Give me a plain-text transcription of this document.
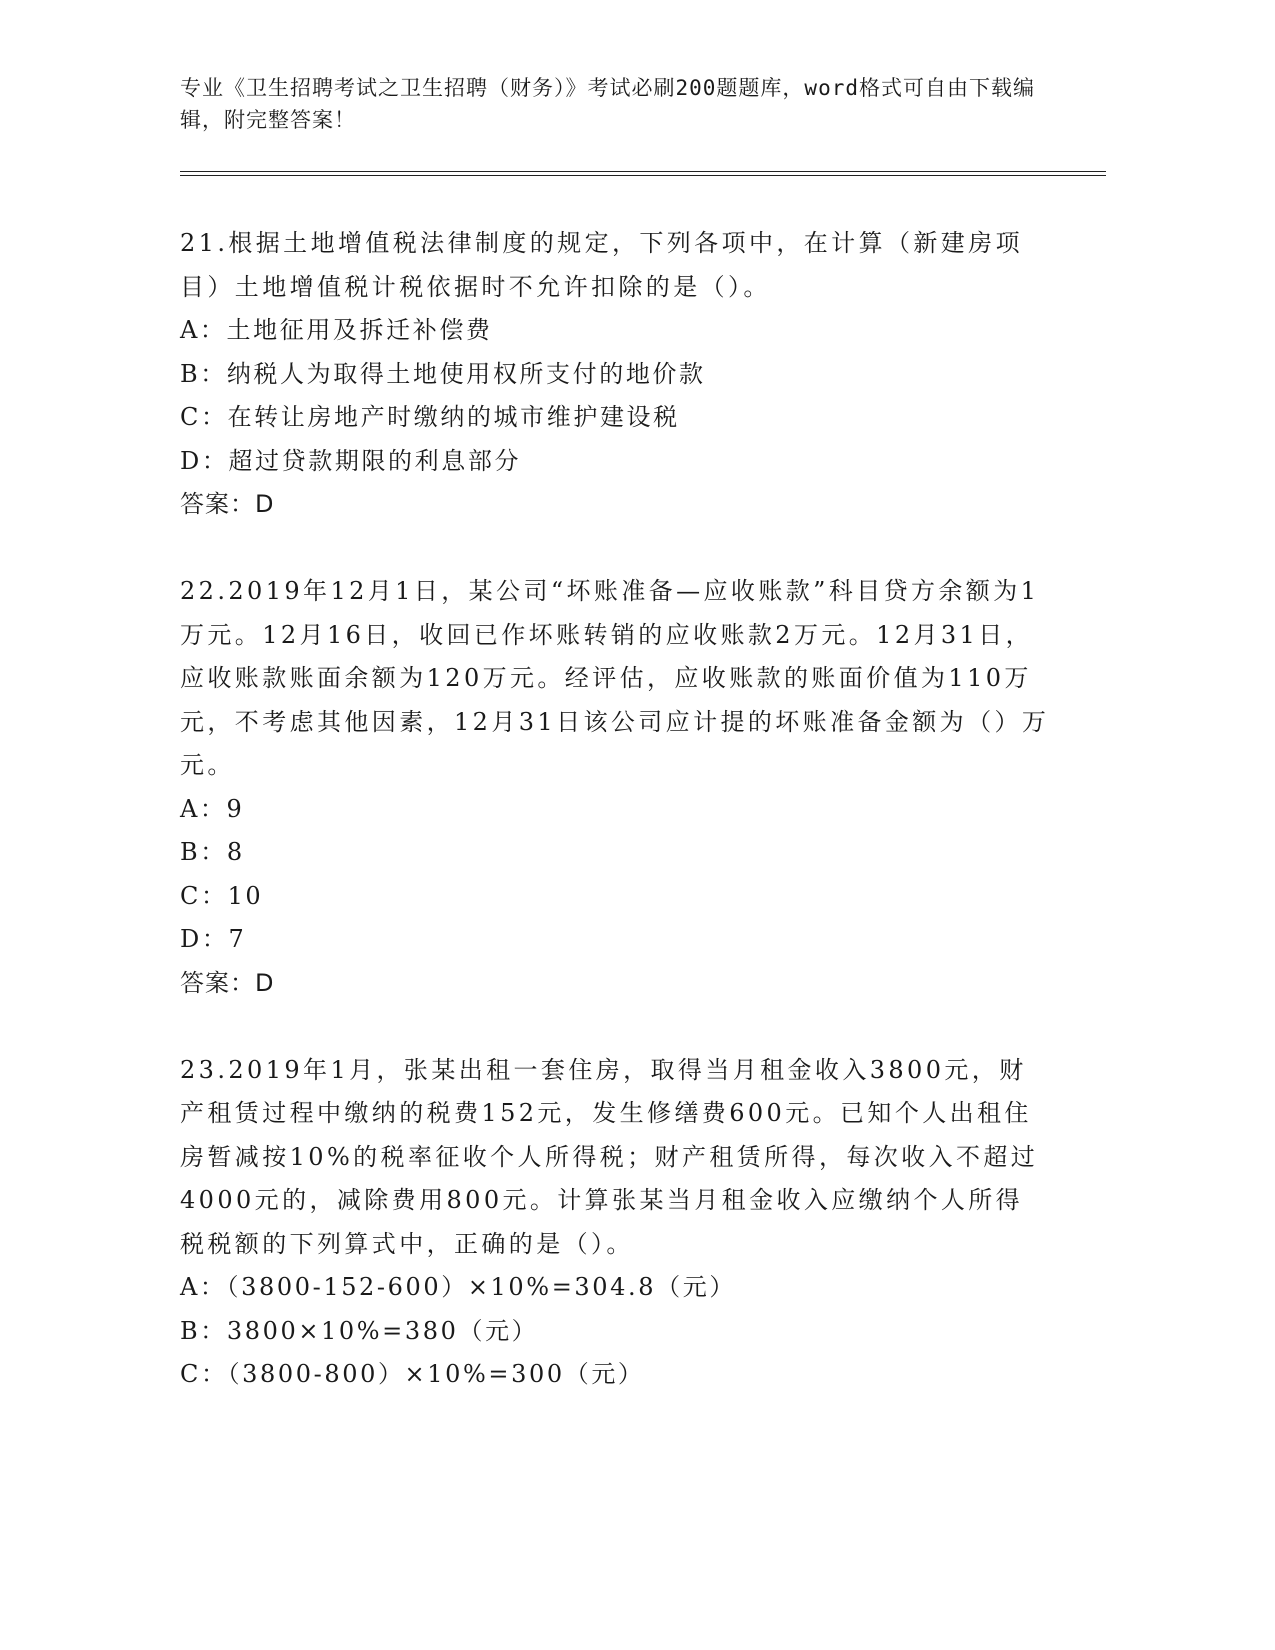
专业《卫生招聘考试之卫生招聘（财务）》考试必刷200题题库，word格式可自由下载编辑，附完整答案！
21.根据土地增值税法律制度的规定，下列各项中，在计算（新建房项目）土地增值税计税依据时不允许扣除的是（）。
A：土地征用及拆迁补偿费
B：纳税人为取得土地使用权所支付的地价款
C：在转让房地产时缴纳的城市维护建设税
D：超过贷款期限的利息部分
答案：D
22.2019年12月1日，某公司“坏账准备—应收账款”科目贷方余额为1万元。12月16日，收回已作坏账转销的应收账款2万元。12月31日，应收账款账面余额为120万元。经评估，应收账款的账面价值为110万元，不考虑其他因素，12月31日该公司应计提的坏账准备金额为（）万元。
A：9
B：8
C：10
D：7
答案：D
23.2019年1月，张某出租一套住房，取得当月租金收入3800元，财产租赁过程中缴纳的税费152元，发生修缮费600元。已知个人出租住房暂减按10%的税率征收个人所得税；财产租赁所得，每次收入不超过4000元的，减除费用800元。计算张某当月租金收入应缴纳个人所得税税额的下列算式中，正确的是（）。
A：（3800-152-600）×10%=304.8（元）
B：3800×10%=380（元）
C：（3800-800）×10%=300（元）
